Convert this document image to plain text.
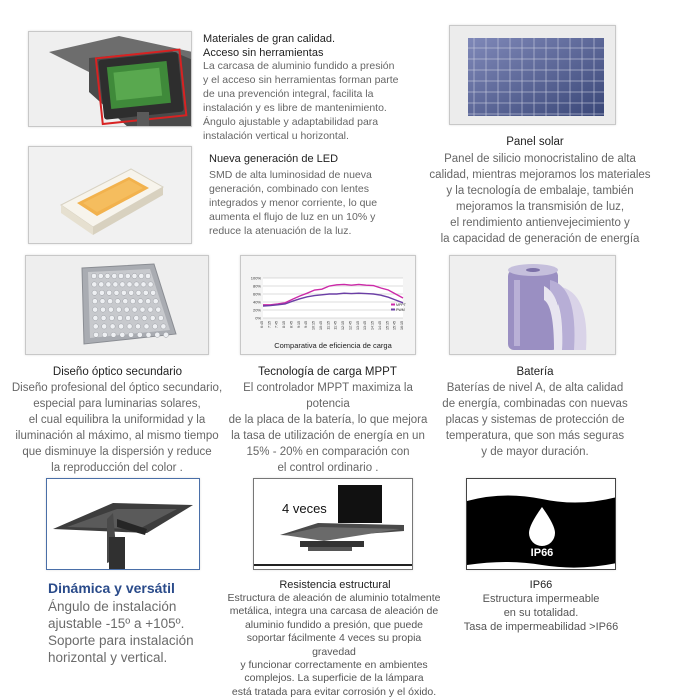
Materiales de gran calidad.
Acceso sin herramientas
La carcasa de aluminio fundido a presión
y el acceso sin herramientas forman parte
de una prevención integral, facilita la
instalación y es libre de mantenimiento.
Ángulo ajustable y adaptabilidad para
instalación vertical u horizontal.
Nueva generación de LED
SMD de alta luminosidad de nueva
generación, combinado con lentes
integrados y menor corriente, lo que
aumenta el flujo de luz en un 10% y
reduce la atenuación de la luz.
Panel solar
Panel de silicio monocristalino de alta
calidad, mientras mejoramos los materiales
y la tecnología de embalaje, también
mejoramos la transmisión de luz,
el rendimiento antienvejecimiento y
la capacidad de generación de energía
Diseño óptico secundario
Diseño profesional del óptico secundario,
especial para luminarias solares,
el cual equilibra la uniformidad y la
iluminación al máximo, al mismo tiempo
que disminuye la dispersión y reduce
la reproducción del color .
100%
80%
60%
40%
20%
0%
6:45 7:15 7:45 8:15 8:45 9:15 9:45 10:15 10:45 11:15 11:45 12:15 12:45 13:15 13:45 14:15 14:45 15:15 15:45 16:15
MPPT
PWM
Comparativa de eficiencia de carga
Tecnología de carga MPPT
El controlador MPPT maximiza la potencia
de la placa de la batería, lo que mejora
la tasa de utilización de energía en un
15% - 20% en comparación con
el control ordinario .
Batería
Baterías de nivel A, de alta calidad
de energía, combinadas con nuevas
placas y sistemas de protección de
temperatura, que son más seguras
y de mayor duración.
Dinámica y versátil
Ángulo de instalación
ajustable -15º a +105º.
Soporte para instalación
horizontal y vertical.
4 veces
Resistencia estructural
Estructura de aleación de aluminio totalmente
metálica, integra una carcasa de aleación de
aluminio fundido a presión, que puede
soportar fácilmente 4 veces su propia gravedad
y funcionar correctamente en ambientes
complejos. La superficie de la lámpara
está tratada para evitar corrosión y el óxido.
IP66
IP66
Estructura impermeable
en su totalidad.
Tasa de impermeabilidad >IP66
